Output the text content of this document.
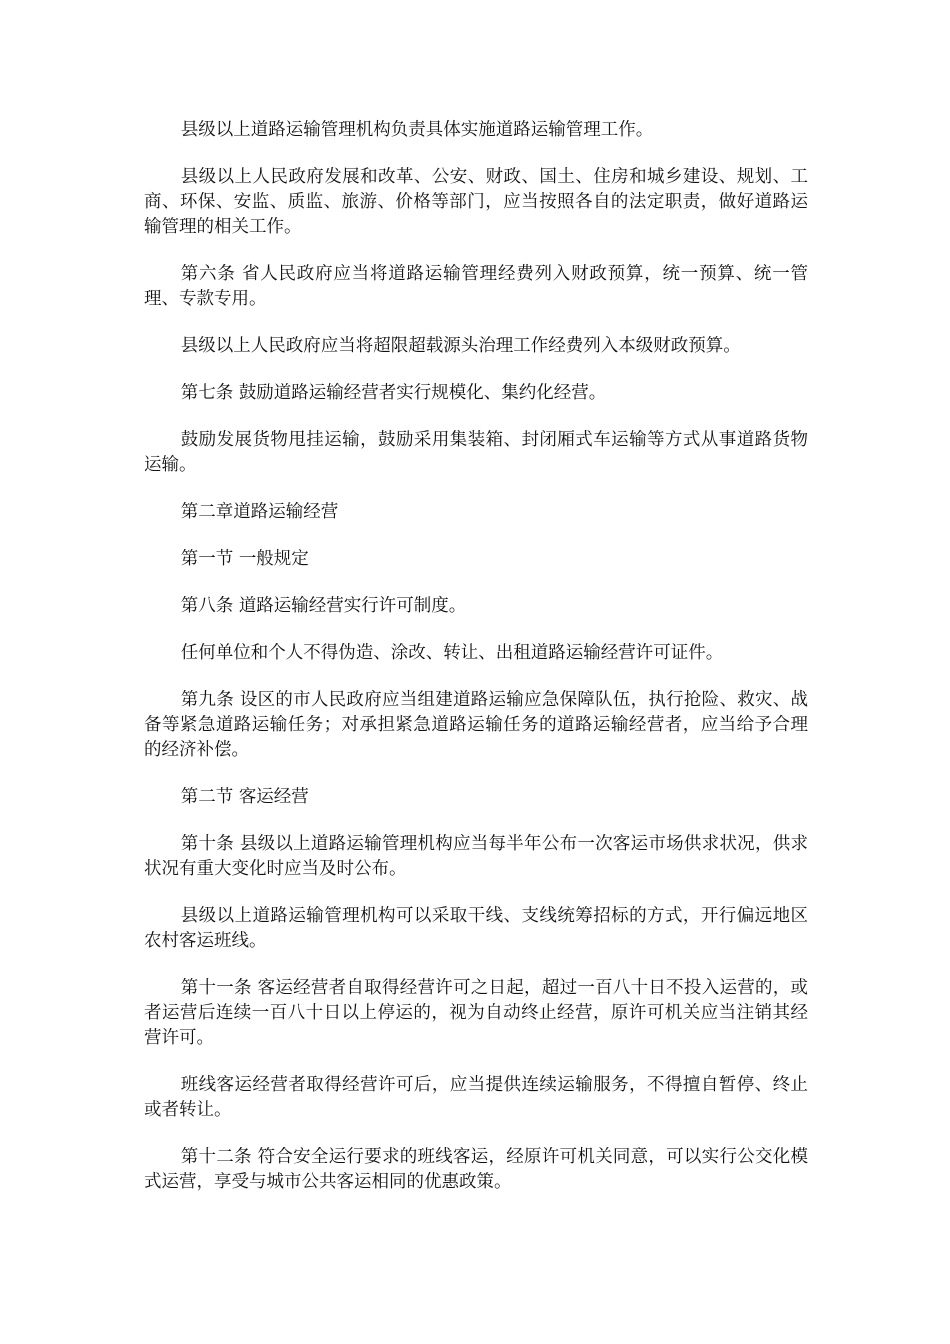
县级以上道路运输管理机构负责具体实施道路运输管理工作。

县级以上人民政府发展和改革、公安、财政、国土、住房和城乡建设、规划、工商、环保、安监、质监、旅游、价格等部门，应当按照各自的法定职责，做好道路运输管理的相关工作。

第六条 省人民政府应当将道路运输管理经费列入财政预算，统一预算、统一管理、专款专用。

县级以上人民政府应当将超限超载源头治理工作经费列入本级财政预算。

第七条 鼓励道路运输经营者实行规模化、集约化经营。

鼓励发展货物甩挂运输，鼓励采用集装箱、封闭厢式车运输等方式从事道路货物运输。

第二章道路运输经营

第一节 一般规定

第八条 道路运输经营实行许可制度。

任何单位和个人不得伪造、涂改、转让、出租道路运输经营许可证件。

第九条 设区的市人民政府应当组建道路运输应急保障队伍，执行抢险、救灾、战备等紧急道路运输任务；对承担紧急道路运输任务的道路运输经营者，应当给予合理的经济补偿。

第二节 客运经营

第十条 县级以上道路运输管理机构应当每半年公布一次客运市场供求状况，供求状况有重大变化时应当及时公布。

县级以上道路运输管理机构可以采取干线、支线统筹招标的方式，开行偏远地区农村客运班线。

第十一条 客运经营者自取得经营许可之日起，超过一百八十日不投入运营的，或者运营后连续一百八十日以上停运的，视为自动终止经营，原许可机关应当注销其经营许可。

班线客运经营者取得经营许可后，应当提供连续运输服务，不得擅自暂停、终止或者转让。

第十二条 符合安全运行要求的班线客运，经原许可机关同意，可以实行公交化模式运营，享受与城市公共客运相同的优惠政策。
